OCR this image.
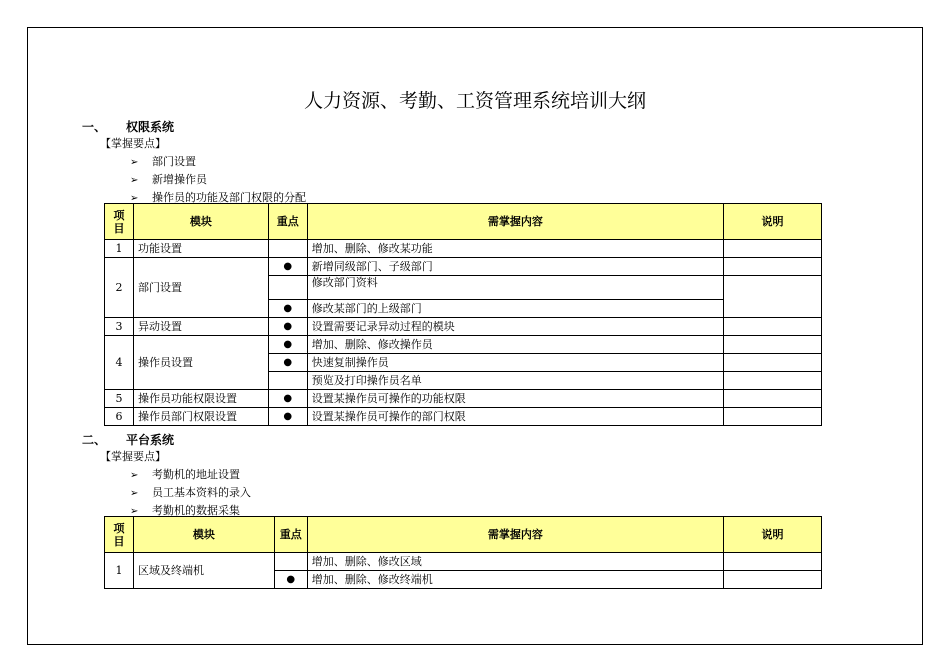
人力资源、考勤、工资管理系统培训大纲
一、 权限系统
【掌握要点】
➢ 部门设置
➢ 新增操作员
➢ 操作员的功能及部门权限的分配
项目	模块	重点	需掌握内容	说明
1	功能设置		增加、删除、修改某功能	
2	部门设置	●	新增同级部门、子级部门	
			修改部门资料	
		●	修改某部门的上级部门	
3	异动设置	●	设置需要记录异动过程的模块	
4	操作员设置	●	增加、删除、修改操作员	
		●	快速复制操作员	
			预览及打印操作员名单	
5	操作员功能权限设置	●	设置某操作员可操作的功能权限	
6	操作员部门权限设置	●	设置某操作员可操作的部门权限	
二、 平台系统
【掌握要点】
➢ 考勤机的地址设置
➢ 员工基本资料的录入
➢ 考勤机的数据采集
项目	模块	重点	需掌握内容	说明
1	区域及终端机		增加、删除、修改区域	
		●	增加、删除、修改终端机	
